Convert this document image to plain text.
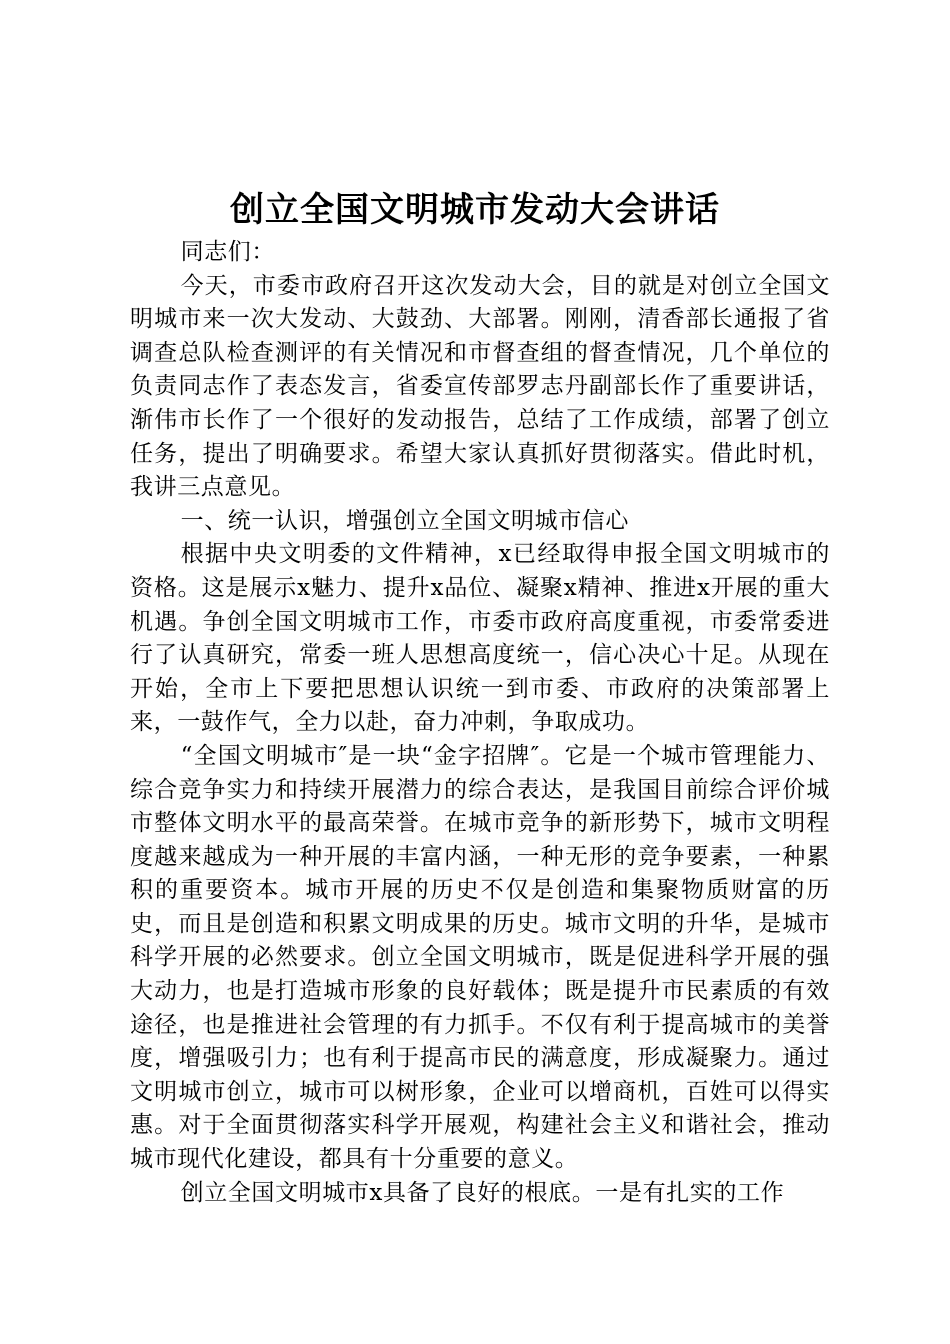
创立全国文明城市发动大会讲话

同志们：

今天，市委市政府召开这次发动大会，目的就是对创立全国文明城市来一次大发动、大鼓劲、大部署。刚刚，清香部长通报了省调查总队检查测评的有关情况和市督查组的督查情况，几个单位的负责同志作了表态发言，省委宣传部罗志丹副部长作了重要讲话，渐伟市长作了一个很好的发动报告，总结了工作成绩，部署了创立任务，提出了明确要求。希望大家认真抓好贯彻落实。借此时机，我讲三点意见。

一、统一认识，增强创立全国文明城市信心

根据中央文明委的文件精神，x已经取得申报全国文明城市的资格。这是展示x魅力、提升x品位、凝聚x精神、推进x开展的重大机遇。争创全国文明城市工作，市委市政府高度重视，市委常委进行了认真研究，常委一班人思想高度统一，信心决心十足。从现在开始，全市上下要把思想认识统一到市委、市政府的决策部署上来，一鼓作气，全力以赴，奋力冲刺，争取成功。

“全国文明城市″是一块“金字招牌″。它是一个城市管理能力、综合竞争实力和持续开展潜力的综合表达，是我国目前综合评价城市整体文明水平的最高荣誉。在城市竞争的新形势下，城市文明程度越来越成为一种开展的丰富内涵，一种无形的竞争要素，一种累积的重要资本。城市开展的历史不仅是创造和集聚物质财富的历史，而且是创造和积累文明成果的历史。城市文明的升华，是城市科学开展的必然要求。创立全国文明城市，既是促进科学开展的强大动力，也是打造城市形象的良好载体；既是提升市民素质的有效途径，也是推进社会管理的有力抓手。不仅有利于提高城市的美誉度，增强吸引力；也有利于提高市民的满意度，形成凝聚力。通过文明城市创立，城市可以树形象，企业可以增商机，百姓可以得实惠。对于全面贯彻落实科学开展观，构建社会主义和谐社会，推动城市现代化建设，都具有十分重要的意义。

创立全国文明城市x具备了良好的根底。一是有扎实的工作
